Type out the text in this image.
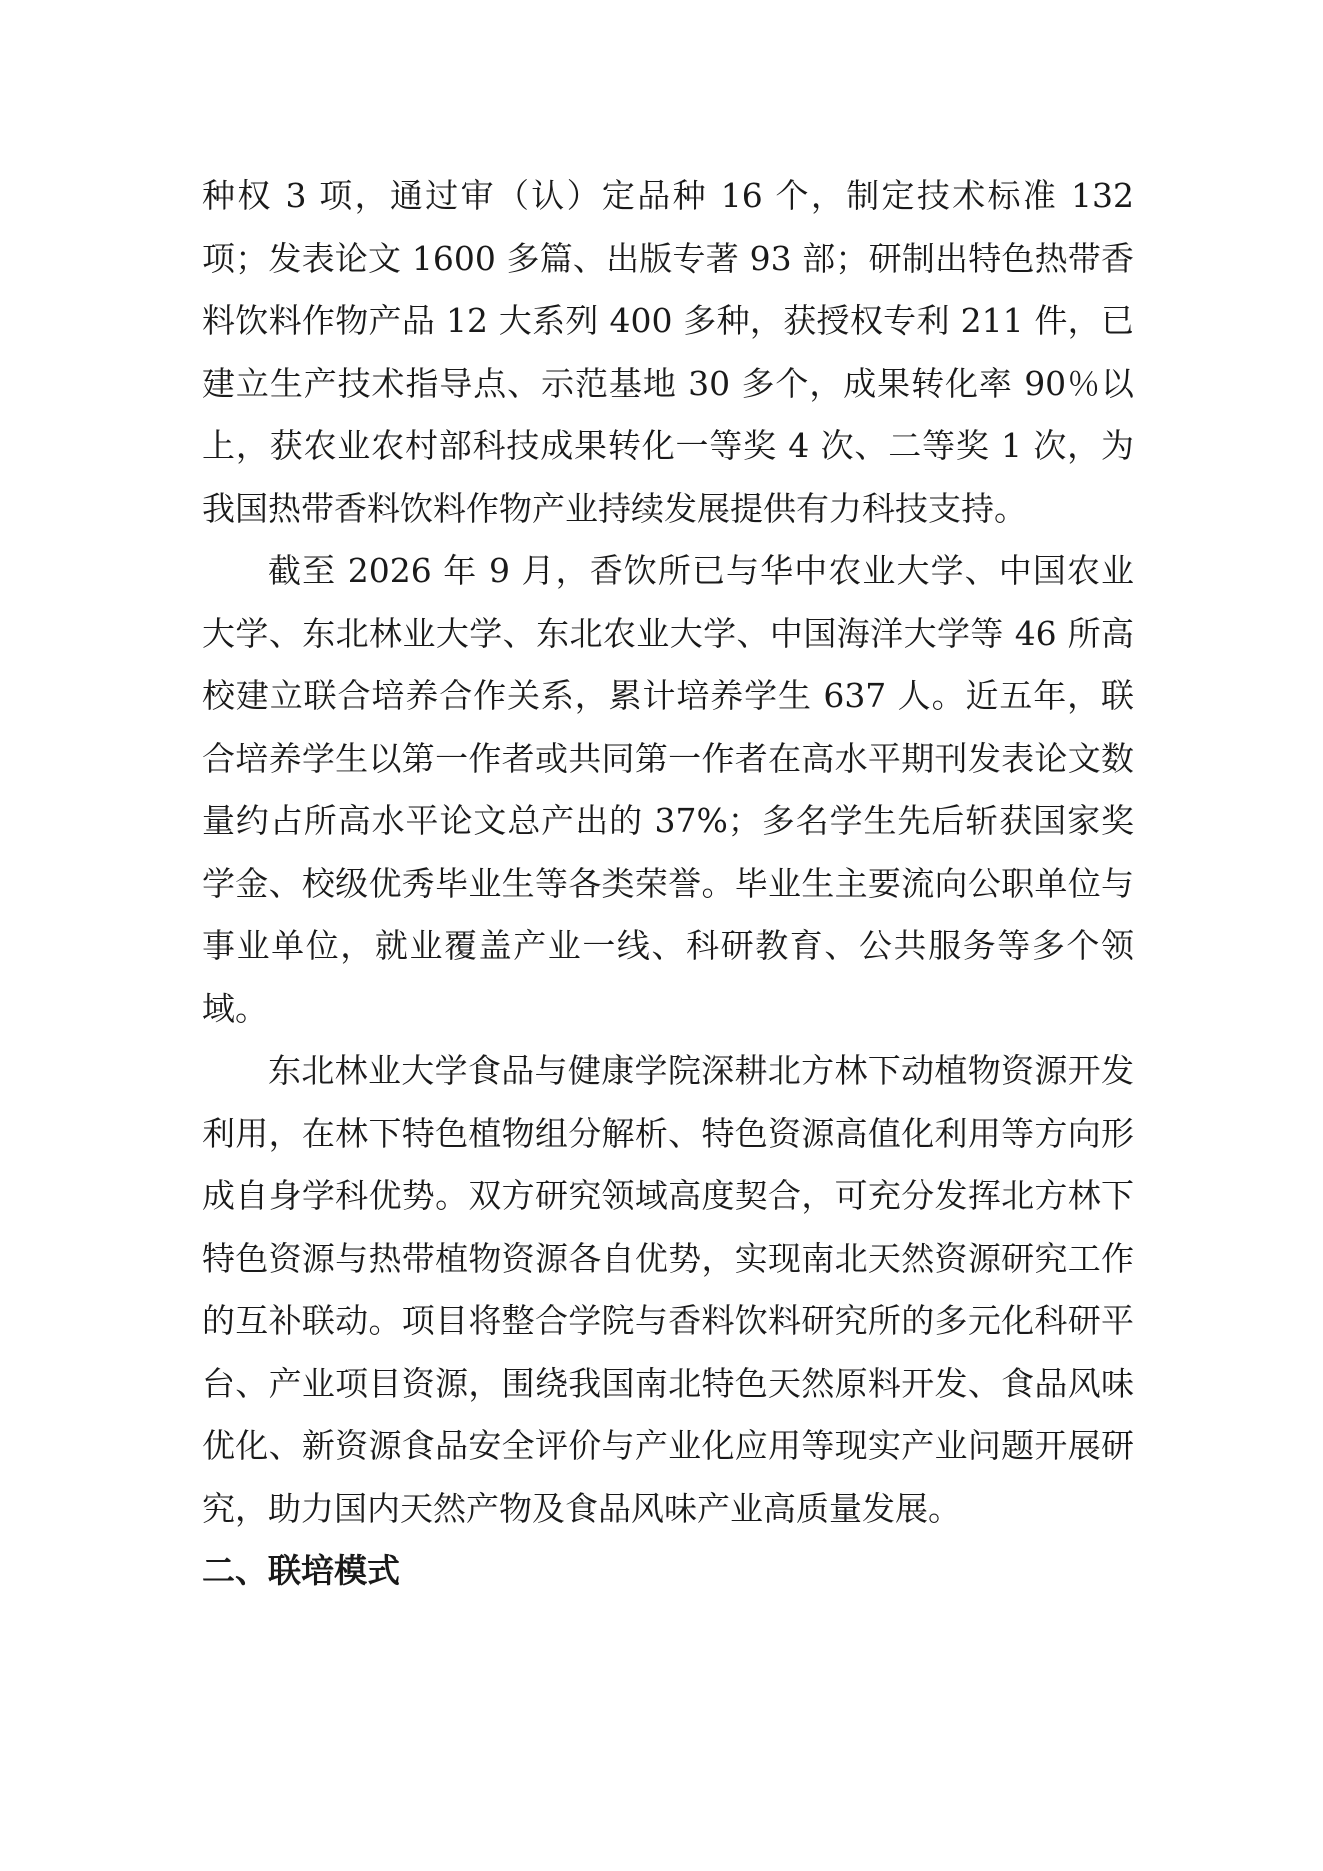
种权 3 项，通过审（认）定品种 16 个，制定技术标准 132 项；发表论文 1600 多篇、出版专著 93 部；研制出特色热带香料饮料作物产品 12 大系列 400 多种，获授权专利 211 件，已建立生产技术指导点、示范基地 30 多个，成果转化率 90％以上，获农业农村部科技成果转化一等奖 4 次、二等奖 1 次，为我国热带香料饮料作物产业持续发展提供有力科技支持。

截至 2026 年 9 月，香饮所已与华中农业大学、中国农业大学、东北林业大学、东北农业大学、中国海洋大学等 46 所高校建立联合培养合作关系，累计培养学生 637 人。近五年，联合培养学生以第一作者或共同第一作者在高水平期刊发表论文数量约占所高水平论文总产出的 37%；多名学生先后斩获国家奖学金、校级优秀毕业生等各类荣誉。毕业生主要流向公职单位与事业单位，就业覆盖产业一线、科研教育、公共服务等多个领域。

东北林业大学食品与健康学院深耕北方林下动植物资源开发利用，在林下特色植物组分解析、特色资源高值化利用等方向形成自身学科优势。双方研究领域高度契合，可充分发挥北方林下特色资源与热带植物资源各自优势，实现南北天然资源研究工作的互补联动。项目将整合学院与香料饮料研究所的多元化科研平台、产业项目资源，围绕我国南北特色天然原料开发、食品风味优化、新资源食品安全评价与产业化应用等现实产业问题开展研究，助力国内天然产物及食品风味产业高质量发展。

二、联培模式
